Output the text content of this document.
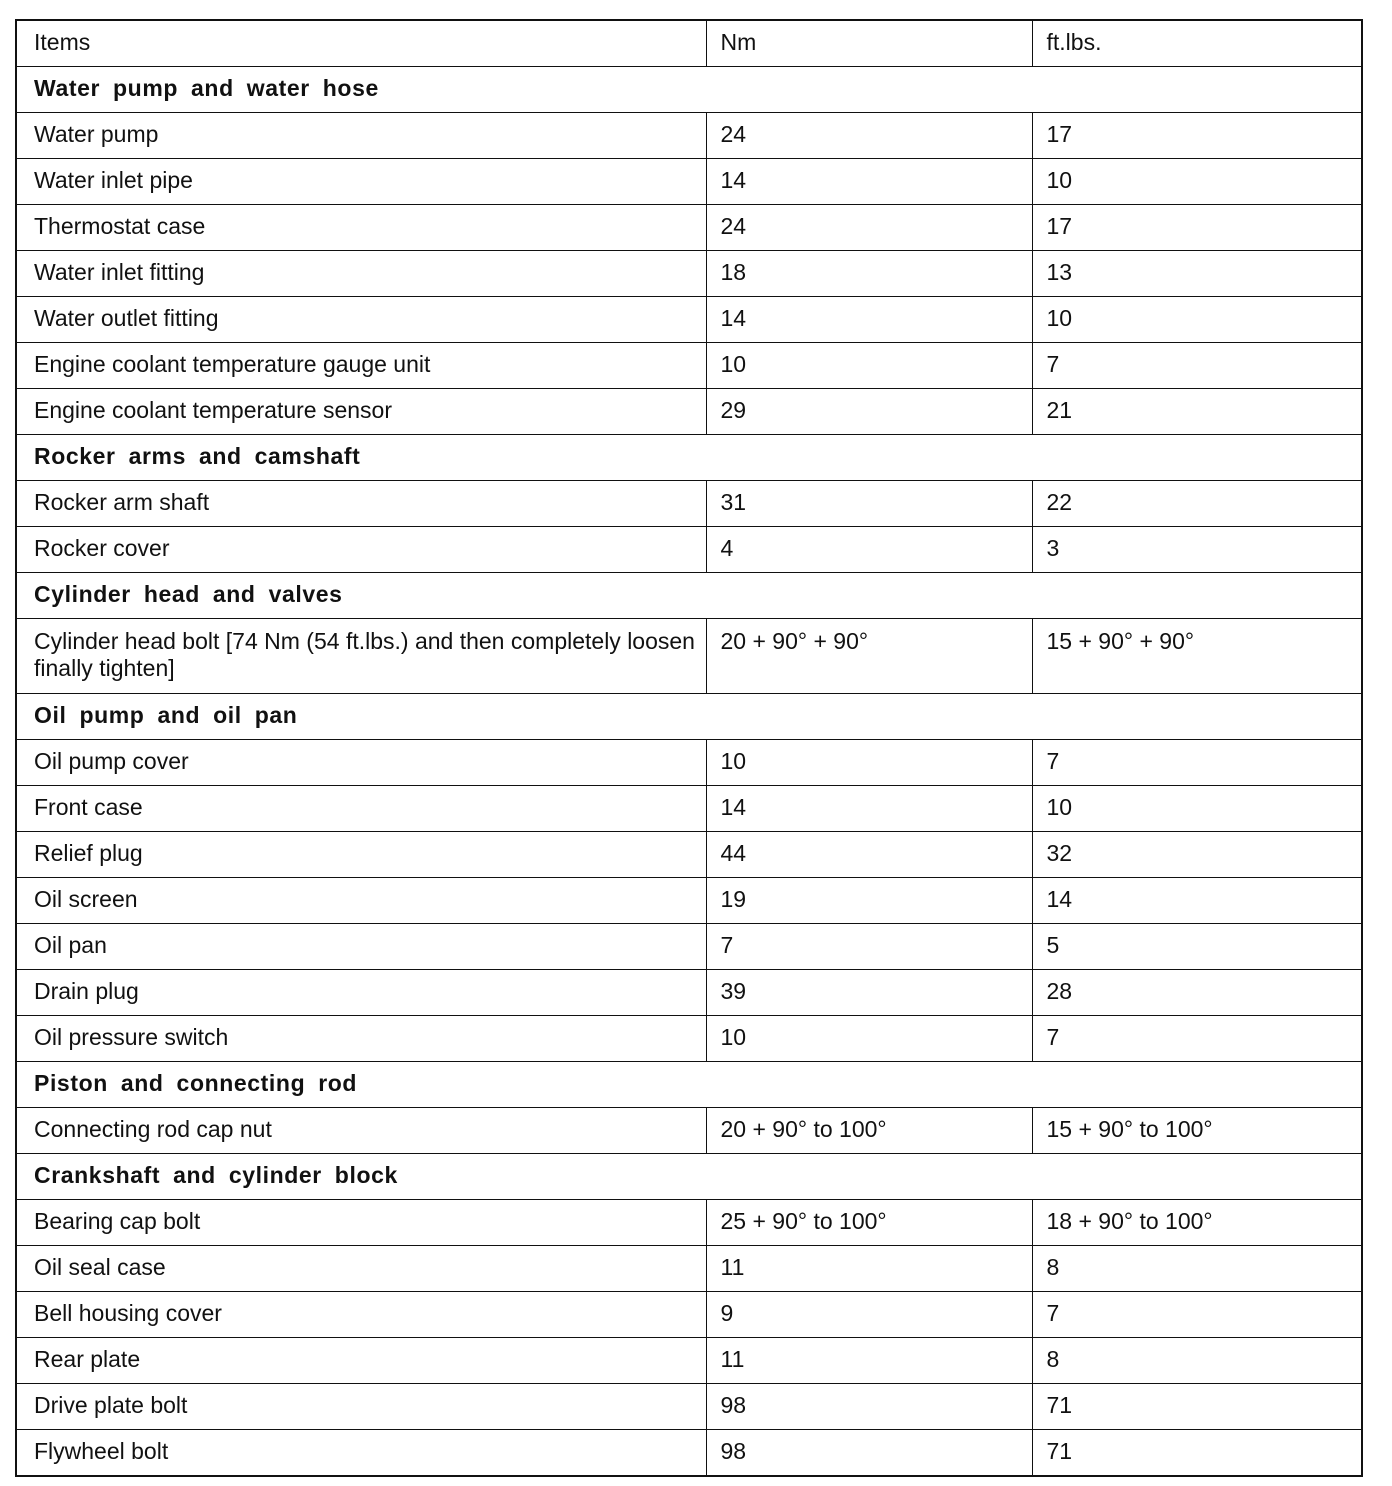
Items	Nm	ft.lbs.
Water pump and water hose		
Water pump	24	17
Water inlet pipe	14	10
Thermostat case	24	17
Water inlet fitting	18	13
Water outlet fitting	14	10
Engine coolant temperature gauge unit	10	7
Engine coolant temperature sensor	29	21
Rocker arms and camshaft		
Rocker arm shaft	31	22
Rocker cover	4	3
Cylinder head and valves		
Cylinder head bolt [74 Nm (54 ft.lbs.) and then completely loosen finally tighten]	20 + 90° + 90°	15 + 90° + 90°
Oil pump and oil pan		
Oil pump cover	10	7
Front case	14	10
Relief plug	44	32
Oil screen	19	14
Oil pan	7	5
Drain plug	39	28
Oil pressure switch	10	7
Piston and connecting rod		
Connecting rod cap nut	20 + 90° to 100°	15 + 90° to 100°
Crankshaft and cylinder block		
Bearing cap bolt	25 + 90° to 100°	18 + 90° to 100°
Oil seal case	11	8
Bell housing cover	9	7
Rear plate	11	8
Drive plate bolt	98	71
Flywheel bolt	98	71
